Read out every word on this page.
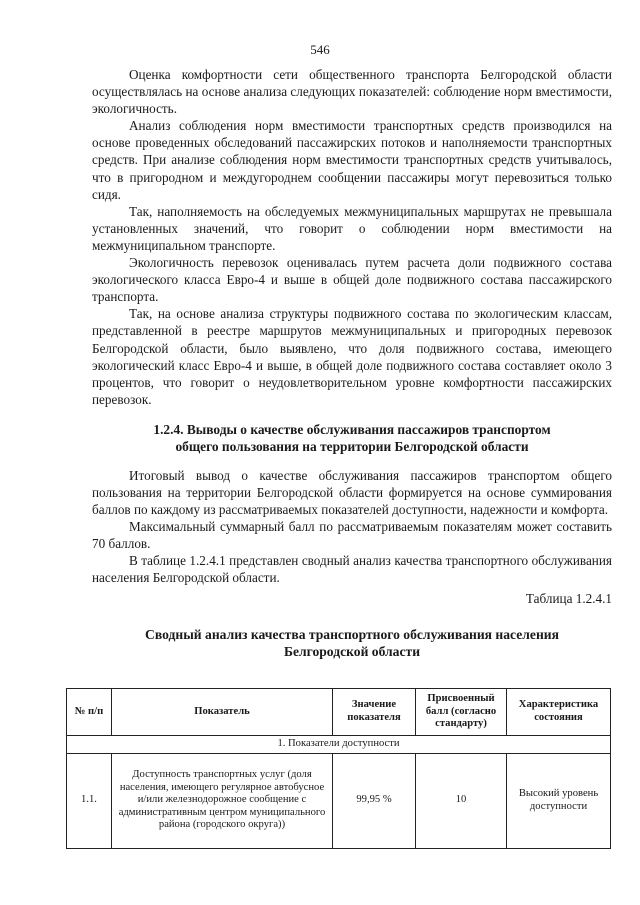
546

Оценка комфортности сети общественного транспорта Белгородской области осуществлялась на основе анализа следующих показателей: соблюдение норм вместимости, экологичность.

Анализ соблюдения норм вместимости транспортных средств производился на основе проведенных обследований пассажирских потоков и наполняемости транспортных средств. При анализе соблюдения норм вместимости транспортных средств учитывалось, что в пригородном и междугороднем сообщении пассажиры могут перевозиться только сидя.

Так, наполняемость на обследуемых межмуниципальных маршрутах не превышала установленных значений, что говорит о соблюдении норм вместимости на межмуниципальном транспорте.

Экологичность перевозок оценивалась путем расчета доли подвижного состава экологического класса Евро-4 и выше в общей доле подвижного состава пассажирского транспорта.

Так, на основе анализа структуры подвижного состава по экологическим классам, представленной в реестре маршрутов межмуниципальных и пригородных перевозок Белгородской области, было выявлено, что доля подвижного состава, имеющего экологический класс Евро-4 и выше, в общей доле подвижного состава составляет около 3 процентов, что говорит о неудовлетворительном уровне комфортности пассажирских перевозок.

1.2.4. Выводы о качестве обслуживания пассажиров транспортом
общего пользования на территории Белгородской области

Итоговый вывод о качестве обслуживания пассажиров транспортом общего пользования на территории Белгородской области формируется на основе суммирования баллов по каждому из рассматриваемых показателей доступности, надежности и комфорта.

Максимальный суммарный балл по рассматриваемым показателям может составить 70 баллов.

В таблице 1.2.4.1 представлен сводный анализ качества транспортного обслуживания населения Белгородской области.

Таблица 1.2.4.1
Сводный анализ качества транспортного обслуживания населения
Белгородской области
№ п/п	Показатель	Значение показателя	Присвоенный балл (согласно стандарту)	Характеристика состояния
1. Показатели доступности				
1.1.	Доступность транспортных услуг (доля населения, имеющего регулярное автобусное и/или железнодорожное сообщение с административным центром муниципального района (городского округа))	99,95 %	10	Высокий уровень доступности
